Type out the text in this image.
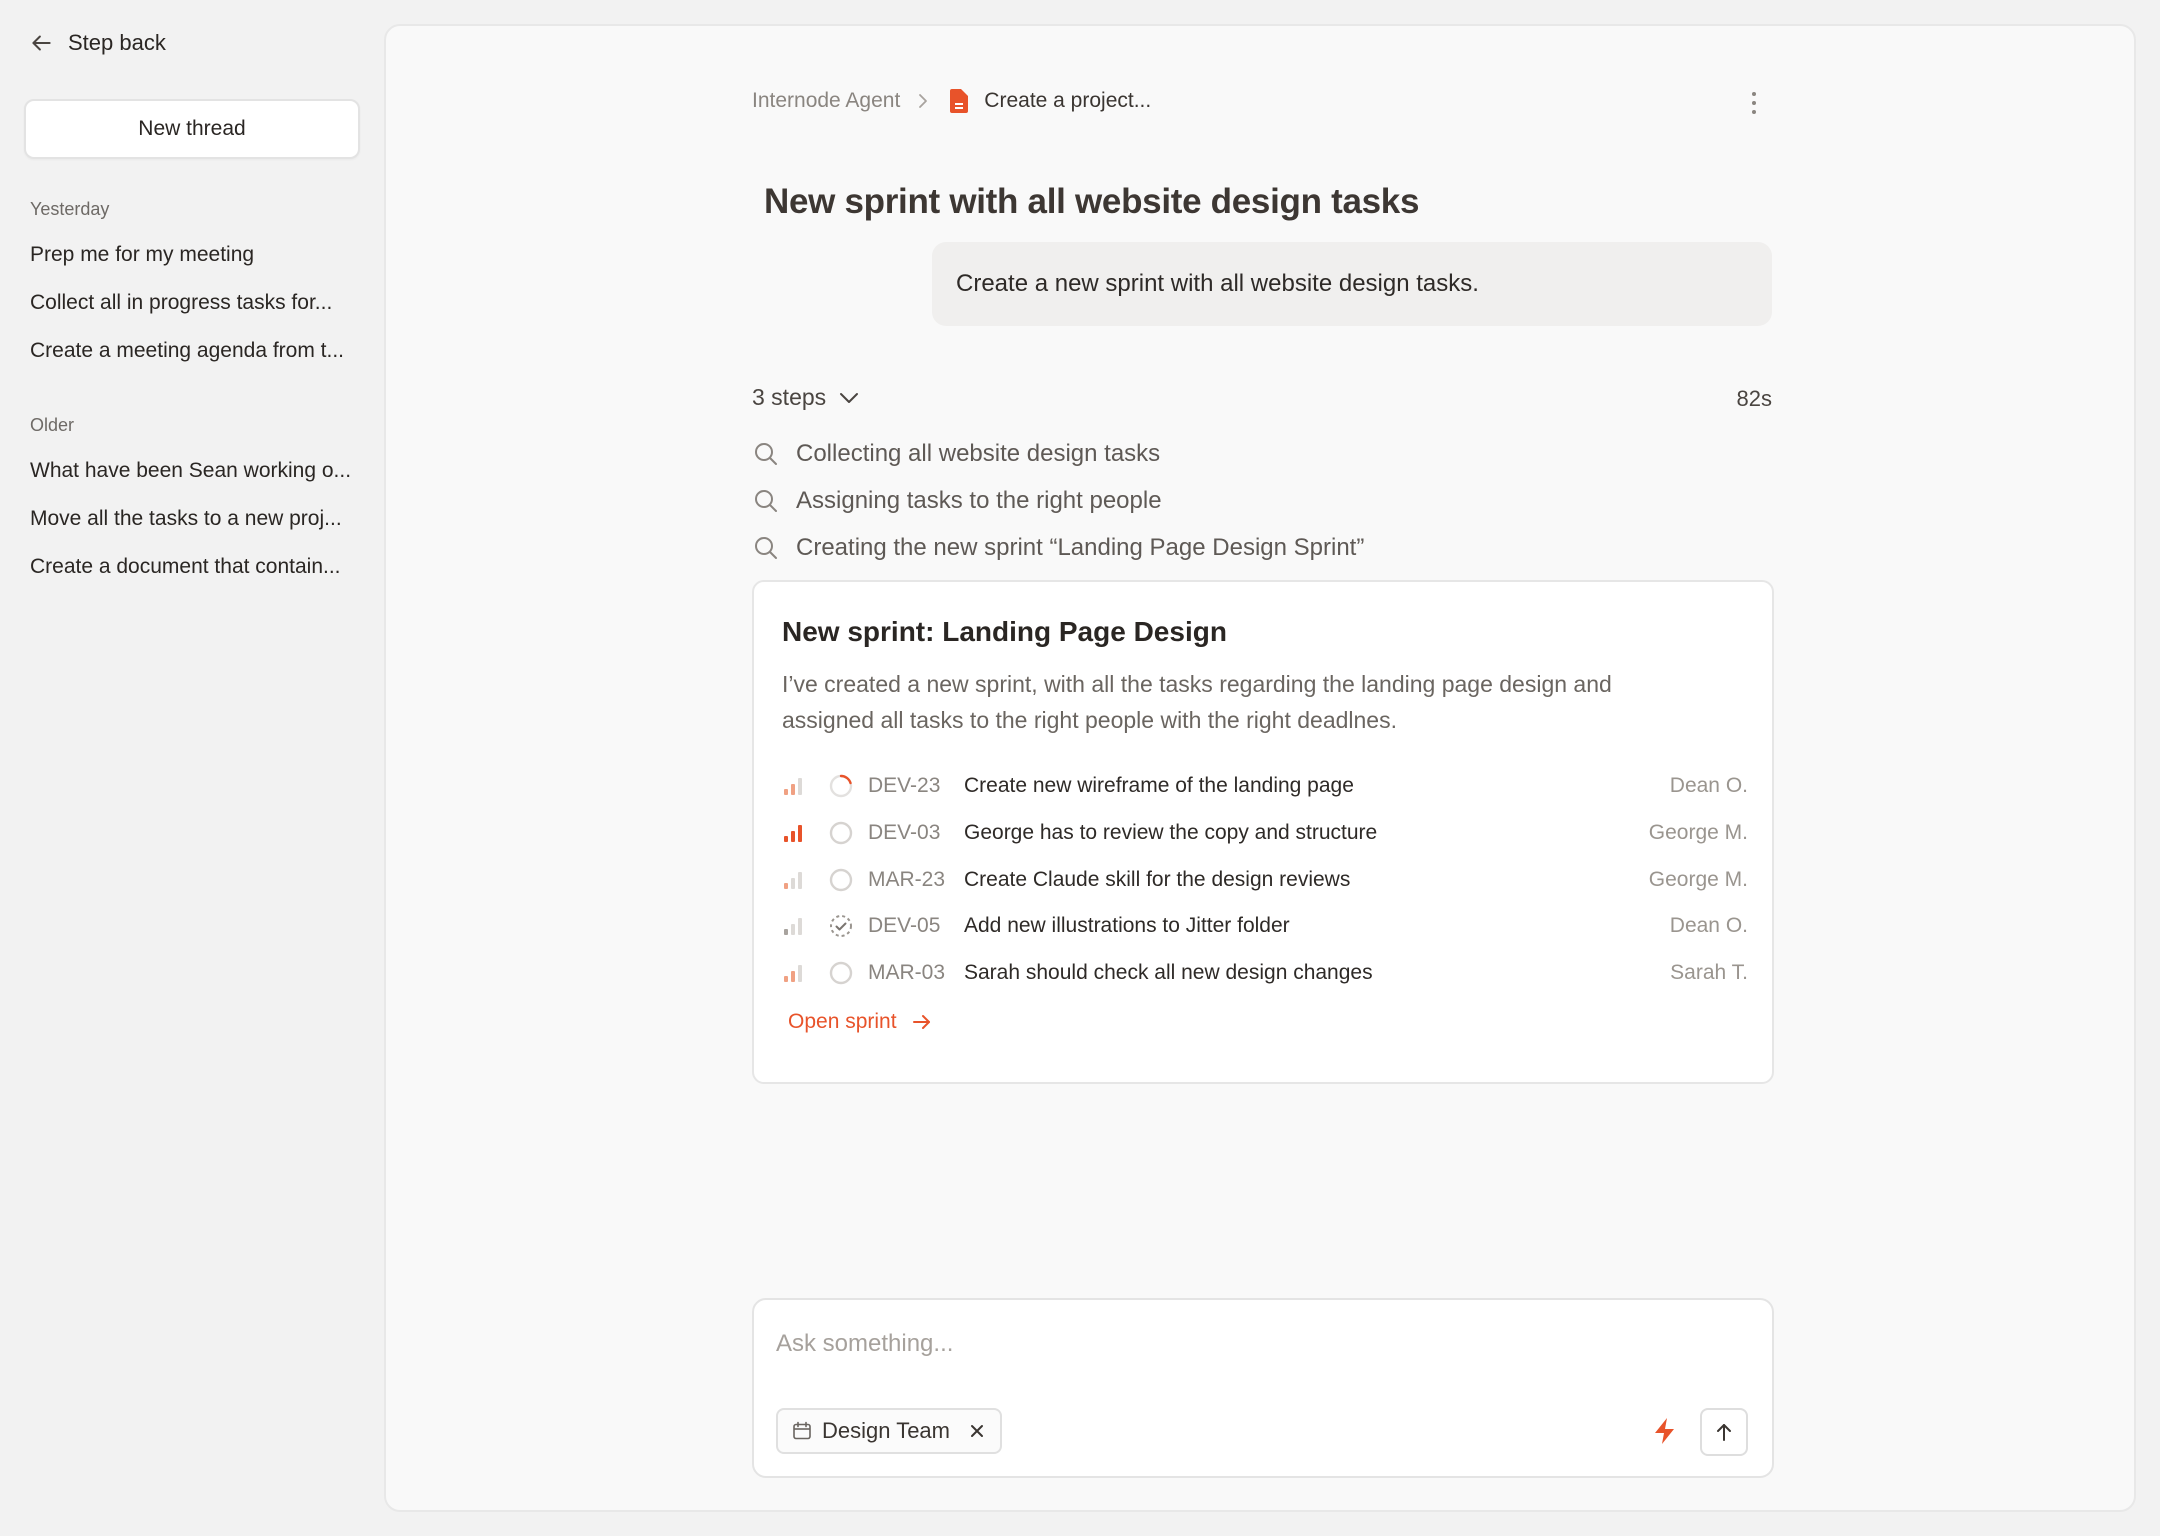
Step back
New thread
Yesterday
Prep me for my meeting
Collect all in progress tasks for...
Create a meeting agenda from t...
Older
What have been Sean working o...
Move all the tasks to a new proj...
Create a document that contain...
Internode Agent	Create a project...
New sprint with all website design tasks
Create a new sprint with all website design tasks.
3 steps	82s
Collecting all website design tasks
Assigning tasks to the right people
Creating the new sprint “Landing Page Design Sprint”
New sprint: Landing Page Design

I’ve created a new sprint, with all the tasks regarding the landing page design and assigned all tasks to the right people with the right deadlnes.

DEV-23	Create new wireframe of the landing page	Dean O.
DEV-03	George has to review the copy and structure	George M.
MAR-23 Create Claude skill for the design reviews	George M.
DEV-05	Add new illustrations to Jitter folder	Dean O.
MAR-03 Sarah should check all new design changes	Sarah T.
Open sprint
Ask something...
Design Team
